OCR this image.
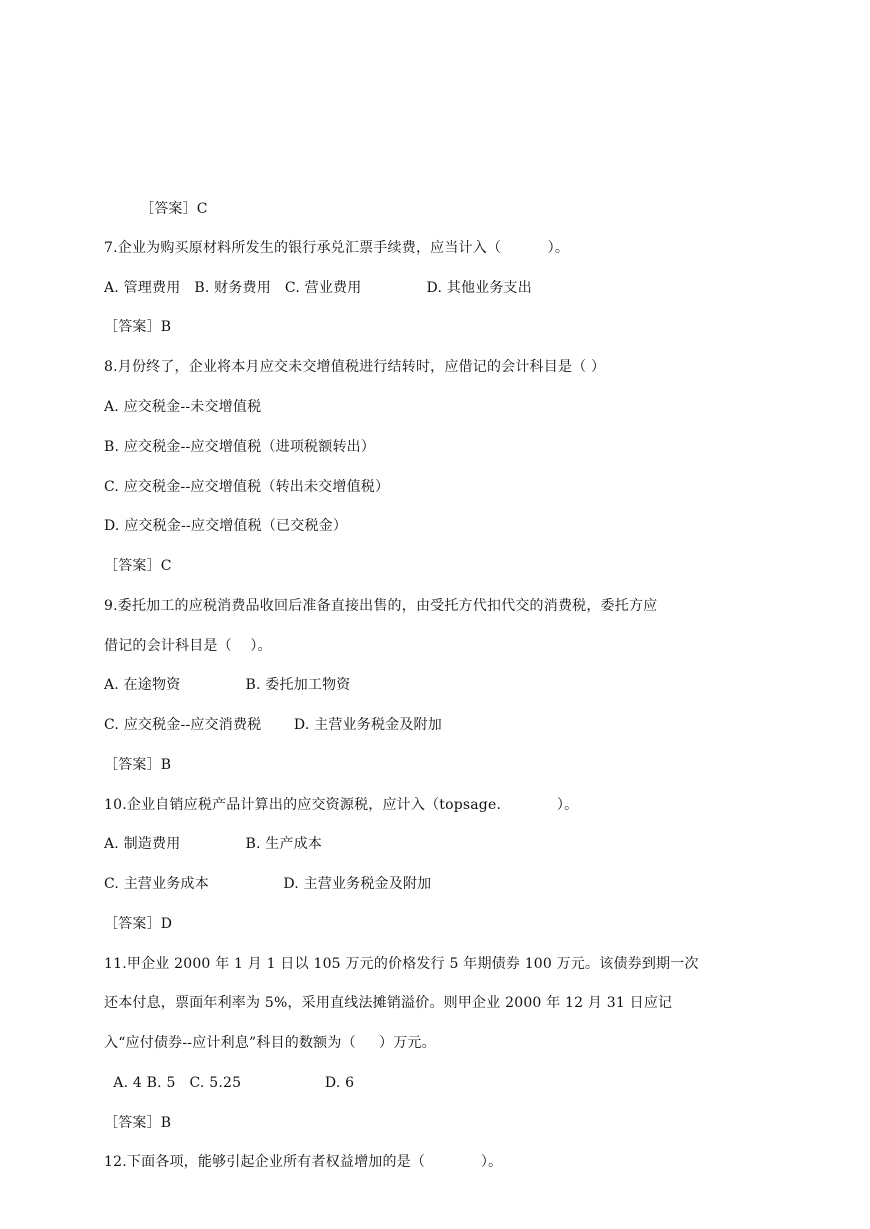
［答案］C
7.企业为购买原材料所发生的银行承兑汇票手续费，应当计入（          ）。
A. 管理费用   B. 财务费用   C. 营业费用              D. 其他业务支出
［答案］B
8.月份终了，企业将本月应交未交增值税进行结转时，应借记的会计科目是（ ）
A. 应交税金--未交增值税
B. 应交税金--应交增值税（进项税额转出）
C. 应交税金--应交增值税（转出未交增值税）
D. 应交税金--应交增值税（已交税金）
［答案］C
9.委托加工的应税消费品收回后准备直接出售的，由受托方代扣代交的消费税，委托方应
借记的会计科目是（    ）。
A. 在途物资              B. 委托加工物资
C. 应交税金--应交消费税       D. 主营业务税金及附加
［答案］B
10.企业自销应税产品计算出的应交资源税，应计入（topsage.            ）。
A. 制造费用              B. 生产成本
C. 主营业务成本                D. 主营业务税金及附加
［答案］D
11.甲企业 2000 年 1 月 1 日以 105 万元的价格发行 5 年期债券 100 万元。该债券到期一次
还本付息，票面年利率为 5%，采用直线法摊销溢价。则甲企业 2000 年 12 月 31 日应记
入“应付债券--应计利息”科目的数额为（     ）万元。
A. 4 B. 5   C. 5.25                  D. 6
［答案］B
12.下面各项，能够引起企业所有者权益增加的是（            ）。
